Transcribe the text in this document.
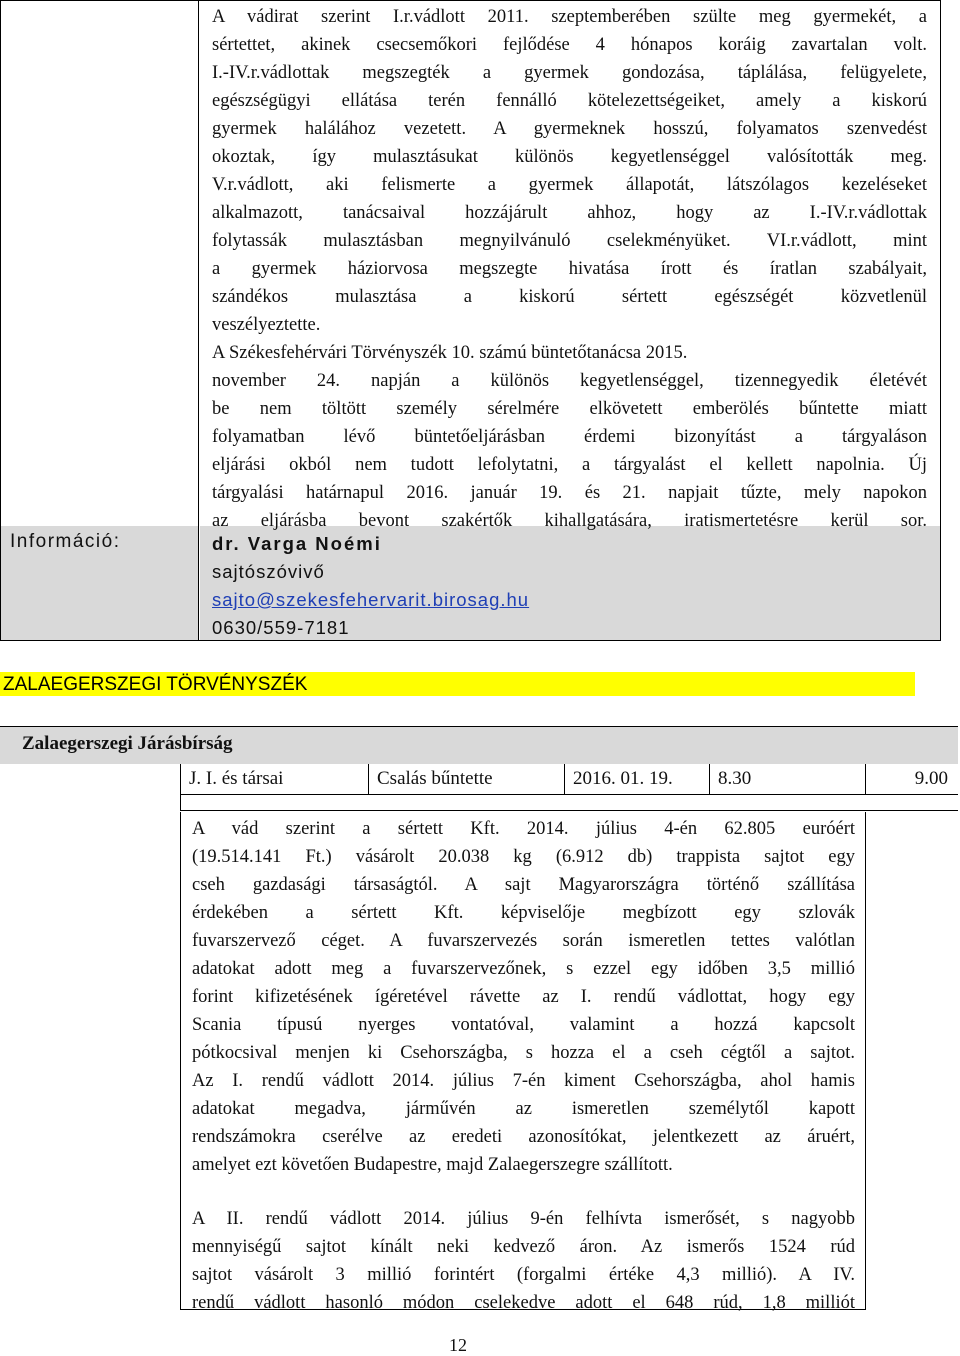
A vádirat szerint I.r.vádlott 2011. szeptemberében szülte meg gyermekét, a
sértettet, akinek csecsemőkori fejlődése 4 hónapos koráig zavartalan volt.
I.-IV.r.vádlottak megszegték a gyermek gondozása, táplálása, felügyelete,
egészségügyi ellátása terén fennálló kötelezettségeiket, amely a kiskorú
gyermek halálához vezetett. A gyermeknek hosszú, folyamatos szenvedést
okoztak, így mulasztásukat különös kegyetlenséggel valósították meg.
V.r.vádlott, aki felismerte a gyermek állapotát, látszólagos kezeléseket
alkalmazott, tanácsaival hozzájárult ahhoz, hogy az I.-IV.r.vádlottak
folytassák mulasztásban megnyilvánuló cselekményüket. VI.r.vádlott, mint
a gyermek háziorvosa megszegte hivatása írott és íratlan szabályait,
szándékos mulasztása a kiskorú sértett egészségét közvetlenül
veszélyeztette.
A Székesfehérvári Törvényszék 10. számú büntetőtanácsa 2015.
november 24. napján a különös kegyetlenséggel, tizennegyedik életévét
be nem töltött személy sérelmére elkövetett emberölés bűntette miatt
folyamatban lévő büntetőeljárásban érdemi bizonyítást a tárgyaláson
eljárási okból nem tudott lefolytatni, a tárgyalást el kellett napolnia. Új
tárgyalási határnapul 2016. január 19. és 21. napjait tűzte, mely napokon
az eljárásba bevont szakértők kihallgatására, iratismertetésre kerül sor.
Információ:	dr. Varga Noémi
sajtószóvivő
sajto@szekesfehervarit.birosag.hu
0630/559-7181
ZALAEGERSZEGI TÖRVÉNYSZÉK
Zalaegerszegi Járásbírság
J. I. és társai	Csalás bűntette	2016. 01. 19.	8.30	9.00
A vád szerint a sértett Kft. 2014. július 4-én 62.805 euróért
(19.514.141 Ft.) vásárolt 20.038 kg (6.912 db) trappista sajtot egy
cseh gazdasági társaságtól. A sajt Magyarországra történő szállítása
érdekében a sértett Kft. képviselője megbízott egy szlovák
fuvarszervező céget. A fuvarszervezés során ismeretlen tettes valótlan
adatokat adott meg a fuvarszervezőnek, s ezzel egy időben 3,5 millió
forint kifizetésének ígéretével rávette az I. rendű vádlottat, hogy egy
Scania típusú nyerges vontatóval, valamint a hozzá kapcsolt
pótkocsival menjen ki Csehországba, s hozza el a cseh cégtől a sajtot.
Az I. rendű vádlott 2014. július 7-én kiment Csehországba, ahol hamis
adatokat megadva, járművén az ismeretlen személytől kapott
rendszámokra cserélve az eredeti azonosítókat, jelentkezett az áruért,
amelyet ezt követően Budapestre, majd Zalaegerszegre szállított.
A II. rendű vádlott 2014. július 9-én felhívta ismerősét, s nagyobb
mennyiségű sajtot kínált neki kedvező áron. Az ismerős 1524 rúd
sajtot vásárolt 3 millió forintért (forgalmi értéke 4,3 millió). A IV.
rendű vádlott hasonló módon cselekedve adott el 648 rúd, 1,8 milliót
12
